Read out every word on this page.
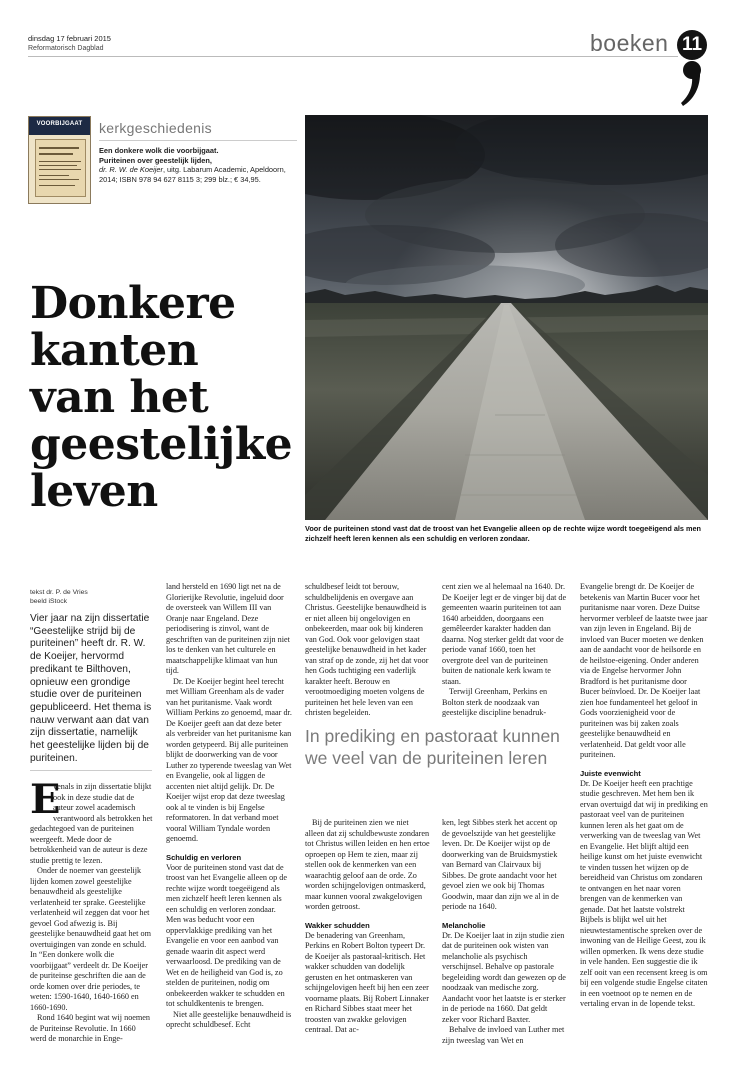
dinsdag 17 februari 2015
Reformatorisch Dagblad	boeken 11
VOORBIJGAAT	kerkgeschiedenis
Een donkere wolk die voorbijgaat.
Puriteinen over geestelijk lijden,
dr. R. W. de Koeijer, uitg. Labarum Academic, Apeldoorn, 2014; ISBN 978 94 627 8115 3; 299 blz.; € 34,95.
Donkere
kanten
van het
geestelijke
leven
Voor de puriteinen stond vast dat de troost van het Evangelie alleen op de rechte wijze wordt toegeëigend als men zichzelf heeft leren kennen als een schuldig en verloren zondaar.
tekst dr. P. de Vries
beeld iStock
Vier jaar na zijn dissertatie “Geestelijke strijd bij de puriteinen” heeft dr. R. W. de Koeijer, hervormd predikant te Bilthoven, opnieuw een grondige studie over de puriteinen gepubliceerd. Het thema is nauw verwant aan dat van zijn dissertatie, namelijk het geestelijke lijden bij de puriteinen.

E
venals in zijn dissertatie blijkt ook in deze studie dat de auteur zowel academisch verantwoord als betrokken het gedachtegoed van de puriteinen weergeeft. Mede door de betrokkenheid van de auteur is deze studie prettig te lezen.

Onder de noemer van geestelijk lijden komen zowel geestelijke benauwdheid als geestelijke verlatenheid ter sprake. Geestelijke verlatenheid wil zeggen dat voor het gevoel God afwezig is. Bij geestelijke benauwdheid gaat het om overtuigingen van zonde en schuld. In “Een donkere wolk die voorbijgaat” verdeelt dr. De Koeijer de puriteinse geschriften die aan de orde komen over drie periodes, te weten: 1590-1640, 1640-1660 en 1660-1690.

Rond 1640 begint wat wij noemen de Puriteinse Revolutie. In 1660 werd de monarchie in Enge-

land hersteld en 1690 ligt net na de Glorierijke Revolutie, ingeluid door de oversteek van Willem III van Oranje naar Engeland. Deze periodisering is zinvol, want de geschriften van de puriteinen zijn niet los te denken van het culturele en maatschappelijke klimaat van hun tijd.

Dr. De Koeijer begint heel terecht met William Greenham als de vader van het puritanisme. Vaak wordt William Perkins zo genoemd, maar dr. De Koeijer geeft aan dat deze beter als verbreider van het puritanisme kan worden getypeerd. Bij alle puriteinen blijkt de doorwerking van de voor Luther zo typerende tweeslag van Wet en Evangelie, ook al liggen de accenten niet altijd gelijk. Dr. De Koeijer wijst erop dat deze tweeslag ook al te vinden is bij Engelse reformatoren. In dat verband moet vooral William Tyndale worden genoemd.

Schuldig en verloren

Voor de puriteinen stond vast dat de troost van het Evangelie alleen op de rechte wijze wordt toegeëigend als men zichzelf heeft leren kennen als een schuldig en verloren zondaar. Men was beducht voor een oppervlakkige prediking van het Evangelie en voor een aanbod van genade waarin dit aspect werd verwaarloosd. De prediking van de Wet en de heiligheid van God is, zo stelden de puriteinen, nodig om onbekeerden wakker te schudden en tot schuldkentenis te brengen.

Niet alle geestelijke benauwdheid is oprecht schuldbesef. Echt

schuldbesef leidt tot berouw, schuldbelijdenis en overgave aan Christus. Geestelijke benauwdheid is er niet alleen bij ongelovigen en onbekeerden, maar ook bij kinderen van God. Ook voor gelovigen staat geestelijke benauwdheid in het kader van straf op de zonde, zij het dat voor hen Gods tuchtiging een vaderlijk karakter heeft. Berouw en verootmoediging moeten volgens de puriteinen het hele leven van een christen begeleiden.

cent zien we al helemaal na 1640. Dr. De Koeijer legt er de vinger bij dat de gemeenten waarin puriteinen tot aan 1640 arbeidden, doorgaans een gemêleerder karakter hadden dan daarna. Nog sterker geldt dat voor de periode vanaf 1660, toen het overgrote deel van de puriteinen buiten de nationale kerk kwam te staan.

Terwijl Greenham, Perkins en Bolton sterk de noodzaak van geestelijke discipline benadruk-

In prediking en pastoraat kunnen we veel van de puriteinen leren

Bij de puriteinen zien we niet alleen dat zij schuldbewuste zondaren tot Christus willen leiden en hen ertoe oproepen op Hem te zien, maar zij stellen ook de kenmerken van een waarachtig geloof aan de orde. Zo worden schijngelovigen ontmaskerd, maar kunnen vooral zwakgelovigen worden getroost.

Wakker schudden

De benadering van Greenham, Perkins en Robert Bolton typeert Dr. de Koeijer als pastoraal-kritisch. Het wakker schudden van dodelijk gerusten en het ontmaskeren van schijngelovigen heeft bij hen een zeer voorname plaats. Bij Robert Linnaker en Richard Sibbes staat meer het troosten van zwakke gelovigen centraal. Dat ac-

ken, legt Sibbes sterk het accent op de gevoelszijde van het geestelijke leven. Dr. De Koeijer wijst op de doorwerking van de Bruidsmystiek van Bernard van Clairvaux bij Sibbes. De grote aandacht voor het gevoel zien we ook bij Thomas Goodwin, maar dan zijn we al in de periode na 1640.

Melancholie

Dr. De Koeijer laat in zijn studie zien dat de puriteinen ook wisten van melancholie als psychisch verschijnsel. Behalve op pastorale begeleiding wordt dan gewezen op de noodzaak van medische zorg. Aandacht voor het laatste is er sterker in de periode na 1660. Dat geldt zeker voor Richard Baxter.

Behalve de invloed van Luther met zijn tweeslag van Wet en

Evangelie brengt dr. De Koeijer de betekenis van Martin Bucer voor het puritanisme naar voren. Deze Duitse hervormer verbleef de laatste twee jaar van zijn leven in Engeland. Bij de invloed van Bucer moeten we denken aan de aandacht voor de heilsorde en de heilstoe-eigening. Onder anderen via de Engelse hervormer John Bradford is het puritanisme door Bucer beïnvloed. Dr. De Koeijer laat zien hoe fundamenteel het geloof in Gods voorzienigheid voor de puriteinen was bij zaken zoals geestelijke benauwdheid en verlatenheid. Dat geldt voor alle puriteinen.

Juiste evenwicht

Dr. De Koeijer heeft een prachtige studie geschreven. Met hem ben ik ervan overtuigd dat wij in prediking en pastoraat veel van de puriteinen kunnen leren als het gaat om de verwerking van de tweeslag van Wet en Evangelie. Het blijft altijd een heilige kunst om het juiste evenwicht te vinden tussen het wijzen op de bereidheid van Christus om zondaren te ontvangen en het naar voren brengen van de kenmerken van genade. Dat het laatste volstrekt Bijbels is blijkt wel uit het nieuwtestamentische spreken over de inwoning van de Heilige Geest, zou ik willen opmerken. Ik wens deze studie in vele handen. Een suggestie die ik zelf ooit van een recensent kreeg is om bij een volgende studie Engelse citaten in een voetnoot op te nemen en de vertaling ervan in de lopende tekst.
